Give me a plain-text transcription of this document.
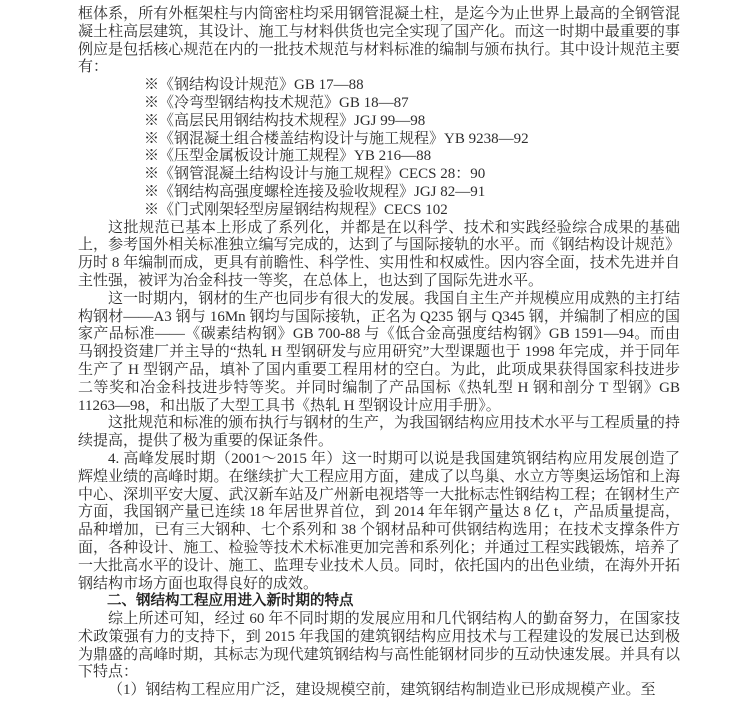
框体系，所有外框架柱与内筒密柱均采用钢管混凝土柱，是迄今为止世界上最高的全钢管混凝土柱高层建筑，其设计、施工与材料供货也完全实现了国产化。而这一时期中最重要的事例应是包括核心规范在内的一批技术规范与材料标准的编制与颁布执行。其中设计规范主要有：

※《钢结构设计规范》GB 17—88

※《冷弯型钢结构技术规范》GB 18—87

※《高层民用钢结构技术规程》JGJ 99—98

※《钢混凝土组合楼盖结构设计与施工规程》YB 9238—92

※《压型金属板设计施工规程》YB 216—88

※《钢管混凝土结构设计与施工规程》CECS 28：90

※《钢结构高强度螺栓连接及验收规程》JGJ 82—91

※《门式刚架轻型房屋钢结构规程》CECS 102

这批规范已基本上形成了系列化，并都是在以科学、技术和实践经验综合成果的基础上，参考国外相关标准独立编写完成的，达到了与国际接轨的水平。而《钢结构设计规范》历时 8 年编制而成，更具有前瞻性、科学性、实用性和权威性。因内容全面，技术先进并自主性强，被评为冶金科技一等奖，在总体上，也达到了国际先进水平。

这一时期内，钢材的生产也同步有很大的发展。我国自主生产并规模应用成熟的主打结构钢材——A3 钢与 16Mn 钢均与国际接轨，正名为 Q235 钢与 Q345 钢，并编制了相应的国家产品标准——《碳素结构钢》GB 700-88 与《低合金高强度结构钢》GB 1591—94。而由马钢投资建厂并主导的“热轧 H 型钢研发与应用研究”大型课题也于 1998 年完成，并于同年生产了 H 型钢产品，填补了国内重要工程用材的空白。为此，此项成果获得国家科技进步二等奖和冶金科技进步特等奖。并同时编制了产品国标《热轧型 H 钢和剖分 T 型钢》GB 11263—98，和出版了大型工具书《热轧 H 型钢设计应用手册》。

这批规范和标准的颁布执行与钢材的生产，为我国钢结构应用技术水平与工程质量的持续提高，提供了极为重要的保证条件。

4. 高峰发展时期（2001～2015 年）这一时期可以说是我国建筑钢结构应用发展创造了辉煌业绩的高峰时期。在继续扩大工程应用方面，建成了以鸟巢、水立方等奥运场馆和上海中心、深圳平安大厦、武汉新车站及广州新电视塔等一大批标志性钢结构工程；在钢材生产方面，我国钢产量已连续 18 年居世界首位，到 2014 年年钢产量达 8 亿 t，产品质量提高，品种增加，已有三大钢种、七个系列和 38 个钢材品种可供钢结构选用；在技术支撑条件方面，各种设计、施工、检验等技术术标准更加完善和系列化；并通过工程实践锻炼，培养了一大批高水平的设计、施工、监理专业技术人员。同时，依托国内的出色业绩，在海外开拓钢结构市场方面也取得良好的成效。

二、钢结构工程应用进入新时期的特点

综上所述可知，经过 60 年不同时期的发展应用和几代钢结构人的勤奋努力，在国家技术政策强有力的支持下，到 2015 年我国的建筑钢结构应用技术与工程建设的发展已达到极为鼎盛的高峰时期，其标志为现代建筑钢结构与高性能钢材同步的互动快速发展。并具有以下特点：

（1）钢结构工程应用广泛，建设规模空前，建筑钢结构制造业已形成规模产业。至
